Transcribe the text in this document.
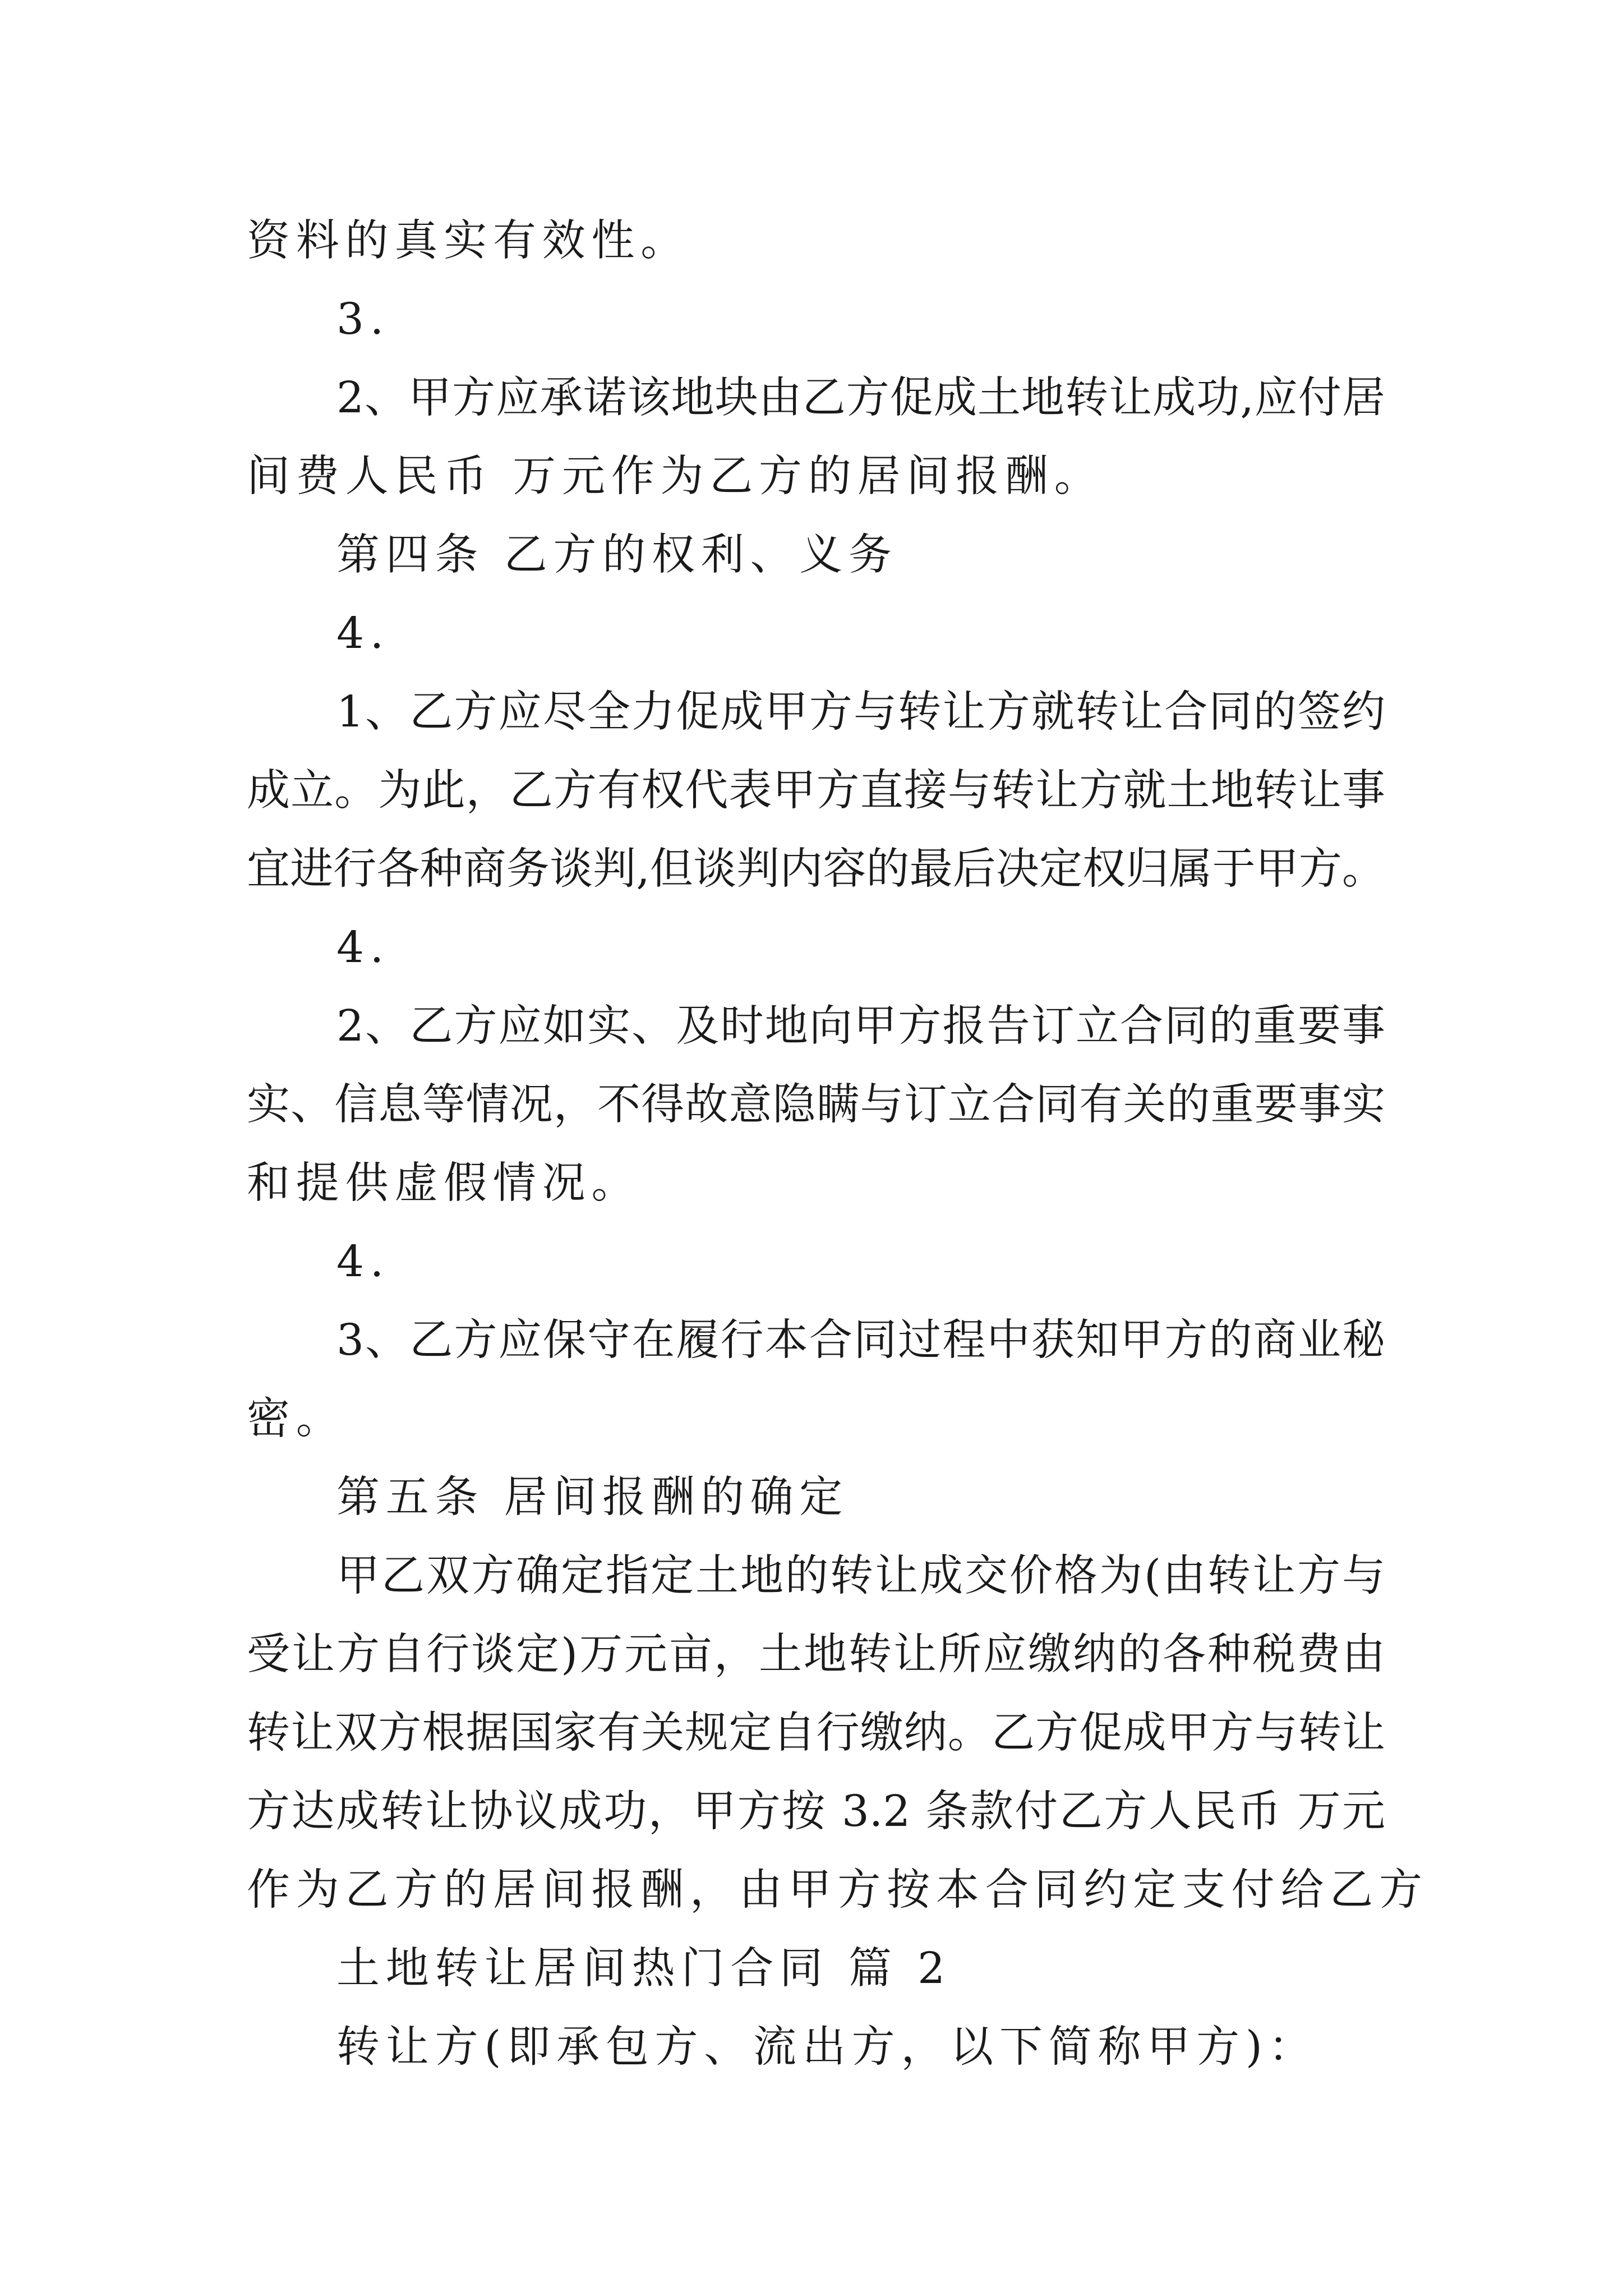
资料的真实有效性。
3.
2、甲方应承诺该地块由乙方促成土地转让成功,应付居
间费人民币 万元作为乙方的居间报酬。
第四条 乙方的权利、义务
4.
1、乙方应尽全力促成甲方与转让方就转让合同的签约
成立。为此，乙方有权代表甲方直接与转让方就土地转让事
宜进行各种商务谈判,但谈判内容的最后决定权归属于甲方。
4.
2、乙方应如实、及时地向甲方报告订立合同的重要事
实、信息等情况，不得故意隐瞒与订立合同有关的重要事实
和提供虚假情况。
4.
3、乙方应保守在履行本合同过程中获知甲方的商业秘
密。
第五条 居间报酬的确定
甲乙双方确定指定土地的转让成交价格为(由转让方与
受让方自行谈定)万元亩，土地转让所应缴纳的各种税费由
转让双方根据国家有关规定自行缴纳。乙方促成甲方与转让
方达成转让协议成功，甲方按 3.2 条款付乙方人民币 万元
作为乙方的居间报酬，由甲方按本合同约定支付给乙方
土地转让居间热门合同 篇 2
转让方(即承包方、流出方，以下简称甲方)：
